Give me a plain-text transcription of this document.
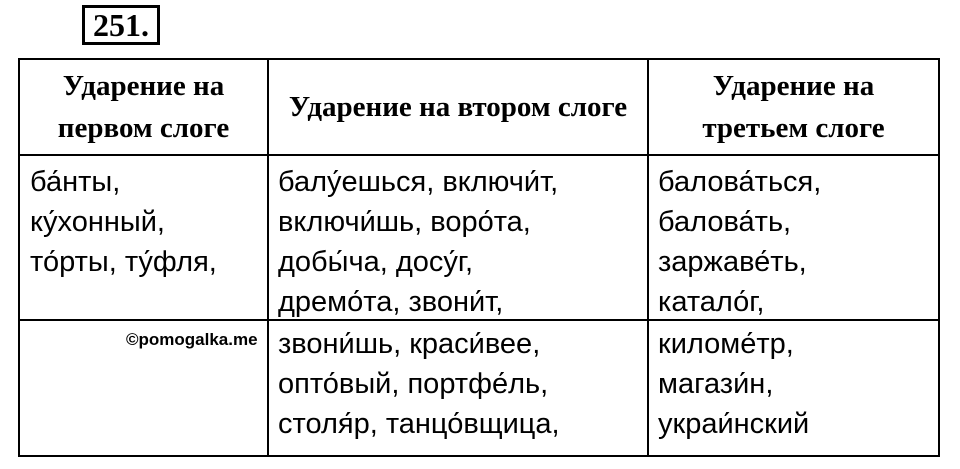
251.
Ударение на первом слоге
Ударение на втором слоге
Ударение на третьем слоге
ба́нты,
ку́хонный,
то́рты, ту́фля,
балу́ешься, включи́т,
включи́шь, воро́та,
добы́ча, досу́г,
дремо́та, звони́т,
звони́шь, краси́вее,
опто́вый, портфе́ль,
столя́р, танцо́вщица,
балова́ться,
балова́ть,
заржаве́ть,
катало́г,
киломе́тр,
магази́н,
украи́нский
©pomogalka.me
